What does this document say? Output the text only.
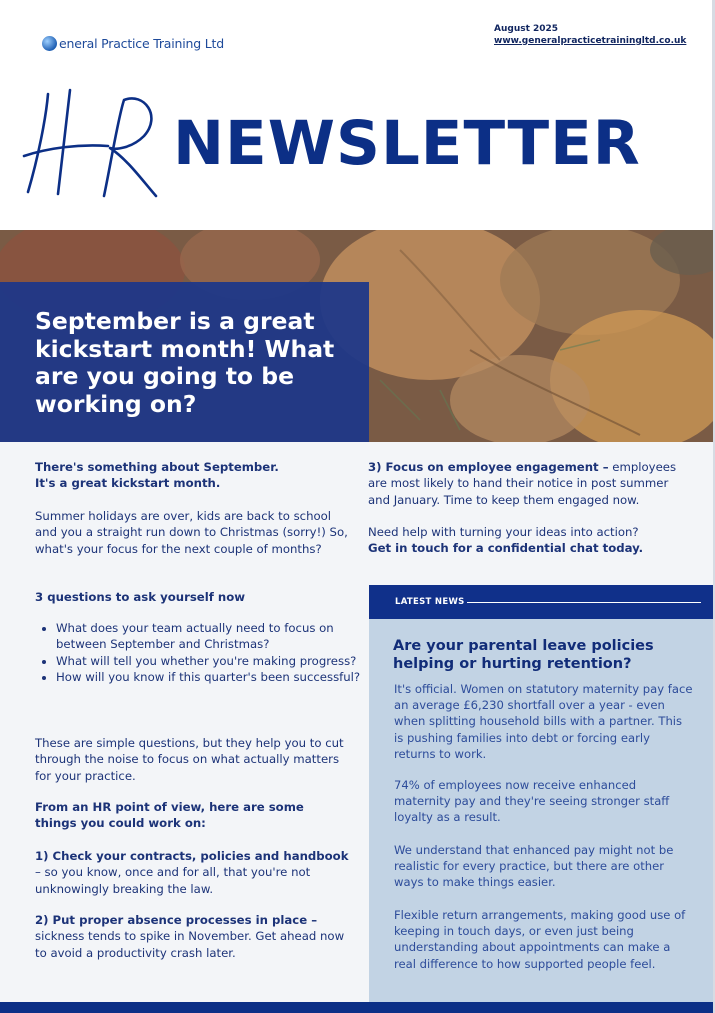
eneral Practice Training Ltd
August 2025
www.generalpracticetrainingltd.co.uk
NEWSLETTER
September is a great kickstart month! What are you going to be working on?
There's something about September.
It's a great kickstart month.
Summer holidays are over, kids are back to school and you a straight run down to Christmas (sorry!) So, what's your focus for the next couple of months?
3 questions to ask yourself now
• What does your team actually need to focus on between September and Christmas?
• What will tell you whether you're making progress?
• How will you know if this quarter's been successful?
These are simple questions, but they help you to cut through the noise to focus on what actually matters for your practice.
From an HR point of view, here are some things you could work on:
1) Check your contracts, policies and handbook – so you know, once and for all, that you're not unknowingly breaking the law.
2) Put proper absence processes in place – sickness tends to spike in November. Get ahead now to avoid a productivity crash later.
3) Focus on employee engagement – employees are most likely to hand their notice in post summer and January. Time to keep them engaged now.
Need help with turning your ideas into action?
Get in touch for a confidential chat today.
LATEST NEWS
Are your parental leave policies helping or hurting retention?
It's official. Women on statutory maternity pay face an average £6,230 shortfall over a year - even when splitting household bills with a partner. This is pushing families into debt or forcing early returns to work.
74% of employees now receive enhanced maternity pay and they're seeing stronger staff loyalty as a result.
We understand that enhanced pay might not be realistic for every practice, but there are other ways to make things easier.
Flexible return arrangements, making good use of keeping in touch days, or even just being understanding about appointments can make a real difference to how supported people feel.
